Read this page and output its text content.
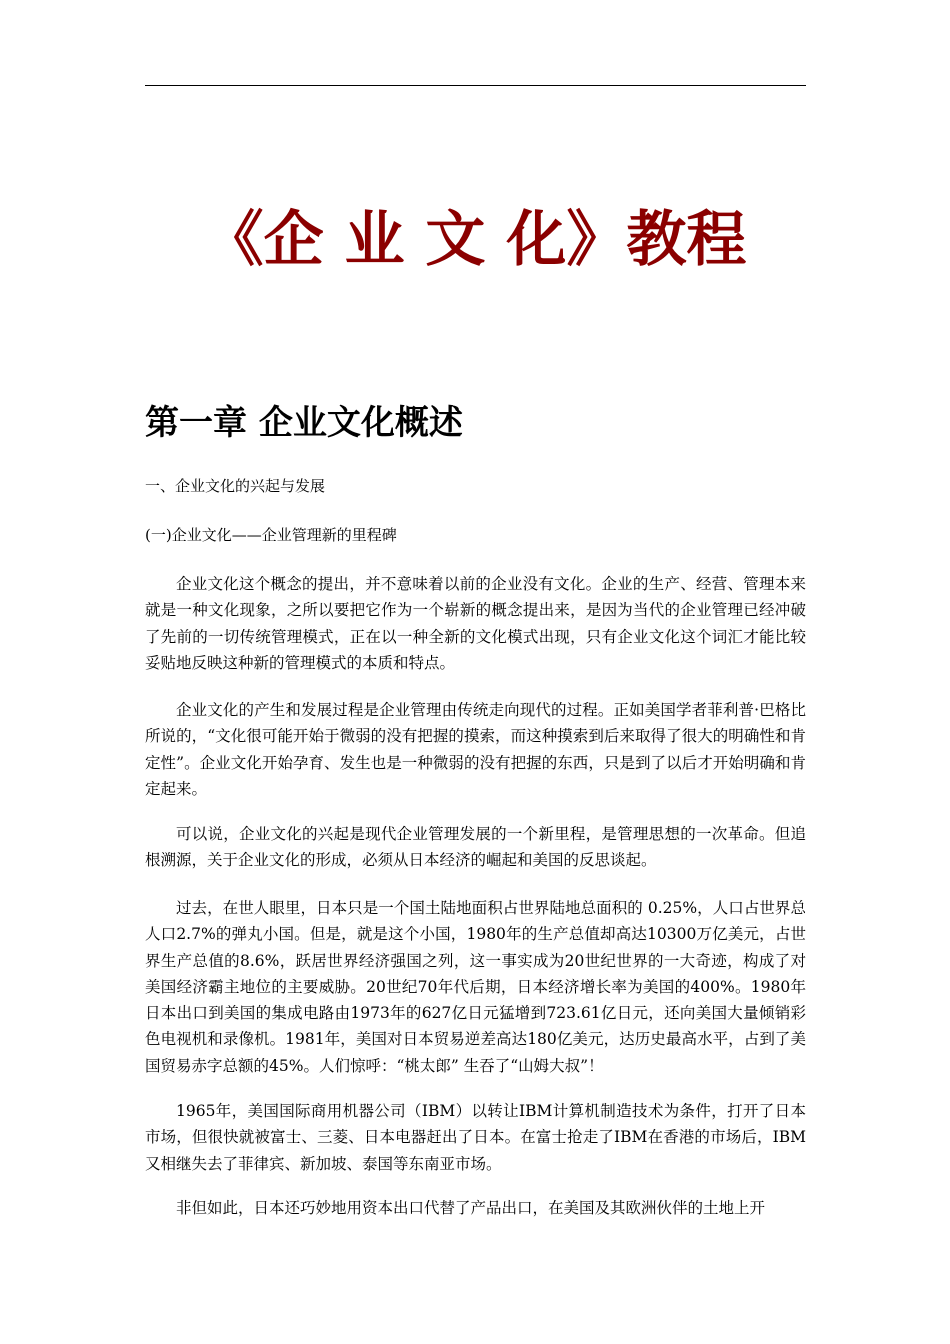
《企 业 文 化》教程
第一章 企业文化概述
一、企业文化的兴起与发展
(一)企业文化——企业管理新的里程碑

企业文化这个概念的提出，并不意味着以前的企业没有文化。企业的生产、经营、管理本来就是一种文化现象，之所以要把它作为一个崭新的概念提出来，是因为当代的企业管理已经冲破了先前的一切传统管理模式，正在以一种全新的文化模式出现，只有企业文化这个词汇才能比较妥贴地反映这种新的管理模式的本质和特点。

企业文化的产生和发展过程是企业管理由传统走向现代的过程。正如美国学者菲利普·巴格比所说的，“文化很可能开始于微弱的没有把握的摸索，而这种摸索到后来取得了很大的明确性和肯定性”。企业文化开始孕育、发生也是一种微弱的没有把握的东西，只是到了以后才开始明确和肯定起来。

可以说，企业文化的兴起是现代企业管理发展的一个新里程，是管理思想的一次革命。但追根溯源，关于企业文化的形成，必须从日本经济的崛起和美国的反思谈起。

过去，在世人眼里，日本只是一个国土陆地面积占世界陆地总面积的 0.25%，人口占世界总人口2.7%的弹丸小国。但是，就是这个小国，1980年的生产总值却高达10300万亿美元，占世界生产总值的8.6%，跃居世界经济强国之列，这一事实成为20世纪世界的一大奇迹，构成了对美国经济霸主地位的主要威胁。20世纪70年代后期，日本经济增长率为美国的400%。1980年日本出口到美国的集成电路由1973年的627亿日元猛增到723.61亿日元，还向美国大量倾销彩色电视机和录像机。1981年，美国对日本贸易逆差高达180亿美元，达历史最高水平，占到了美国贸易赤字总额的45%。人们惊呼：“桃太郎” 生吞了“山姆大叔”！

1965年，美国国际商用机器公司（IBM）以转让IBM计算机制造技术为条件，打开了日本市场，但很快就被富士、三菱、日本电器赶出了日本。在富士抢走了IBM在香港的市场后，IBM又相继失去了菲律宾、新加坡、泰国等东南亚市场。

非但如此，日本还巧妙地用资本出口代替了产品出口，在美国及其欧洲伙伴的土地上开
